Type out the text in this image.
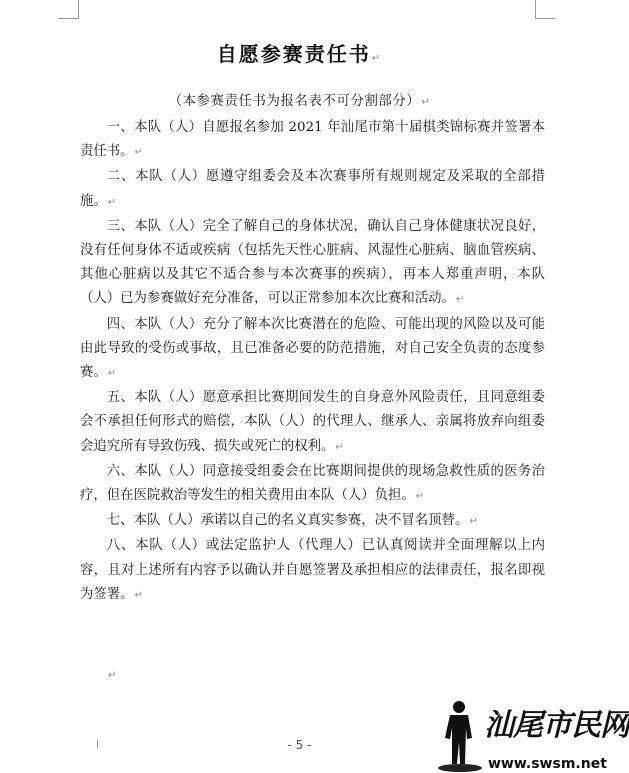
自愿参赛责任书↵
（本参赛责任书为报名表不可分割部分）↵

一、本队（人）自愿报名参加 2021 年汕尾市第十届棋类锦标赛并签署本责任书。↵

二、本队（人）愿遵守组委会及本次赛事所有规则规定及采取的全部措施。↵

三、本队（人）完全了解自己的身体状况，确认自己身体健康状况良好，没有任何身体不适或疾病（包括先天性心脏病、风湿性心脏病、脑血管疾病、其他心脏病以及其它不适合参与本次赛事的疾病），再本人郑重声明，本队（人）已为参赛做好充分准备，可以正常参加本次比赛和活动。↵

四、本队（人）充分了解本次比赛潜在的危险、可能出现的风险以及可能由此导致的受伤或事故，且已准备必要的防范措施，对自己安全负责的态度参赛。↵

五、本队（人）愿意承担比赛期间发生的自身意外风险责任，且同意组委会不承担任何形式的赔偿，本队（人）的代理人、继承人、亲属将放弃向组委会追究所有导致伤残、损失或死亡的权利。↵

六、本队（人）同意接受组委会在比赛期间提供的现场急救性质的医务治疗，但在医院救治等发生的相关费用由本队（人）负担。↵

七、本队（人）承诺以自己的名义真实参赛，决不冒名顶替。↵

八、本队（人）或法定监护人（代理人）已认真阅读并全面理解以上内容，且对上述所有内容予以确认并自愿签署及承担相应的法律责任，报名即视为签署。↵

↵
- 5 -
汕尾市民网
www.swsm.net
